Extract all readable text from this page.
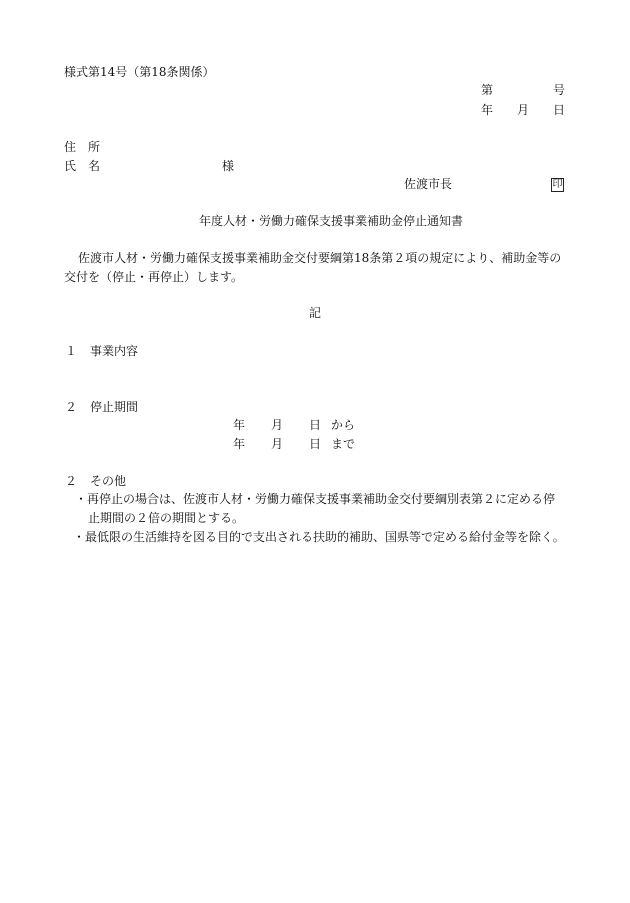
様式第14号（第18条関係）
第	号
年 月 日
住　所
氏　名	様
佐渡市長	印
年度人材・労働力確保支援事業補助金停止通知書
佐渡市人材・労働力確保支援事業補助金交付要綱第18条第２項の規定により、補助金等の
交付を（停止・再停止）します。
記
１ 事業内容
２ 停止期間
年 月 日 から
年 月 日 まで
２ その他
・再停止の場合は、佐渡市人材・労働力確保支援事業補助金交付要綱別表第２に定める停
止期間の２倍の期間とする。
・最低限の生活維持を図る目的で支出される扶助的補助、国県等で定める給付金等を除く。
